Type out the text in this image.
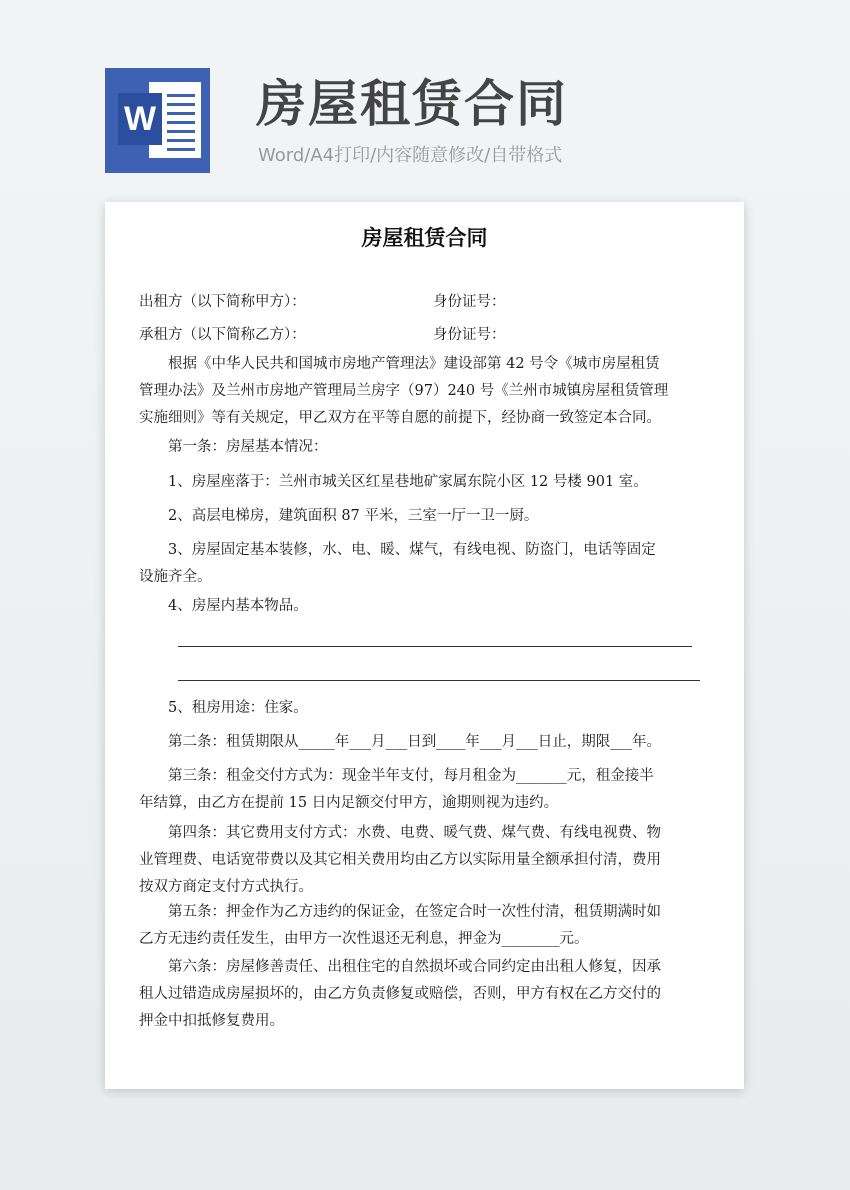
W 房屋租赁合同
Word/A4打印/内容随意修改/自带格式
房屋租赁合同
出租方（以下简称甲方）：	身份证号：
承租方（以下简称乙方）：	身份证号：
　　根据《中华人民共和国城市房地产管理法》建设部第 42 号令《城市房屋租赁
管理办法》及兰州市房地产管理局兰房字（97）240 号《兰州市城镇房屋租赁管理
实施细则》等有关规定，甲乙双方在平等自愿的前提下，经协商一致签定本合同。
　　第一条：房屋基本情况：
　　1、房屋座落于：兰州市城关区红星巷地矿家属东院小区 12 号楼 901 室。
　　2、高层电梯房，建筑面积 87 平米，三室一厅一卫一厨。
　　3、房屋固定基本装修，水、电、暖、煤气，有线电视、防盗门，电话等固定
设施齐全。
　　4、房屋内基本物品。
　　5、租房用途：住家。
　　第二条：租赁期限从_____年___月___日到____年___月___日止，期限___年。
　　第三条：租金交付方式为：现金半年支付，每月租金为_______元，租金接半
年结算，由乙方在提前 15 日内足额交付甲方，逾期则视为违约。
　　第四条：其它费用支付方式：水费、电费、暖气费、煤气费、有线电视费、物
业管理费、电话宽带费以及其它相关费用均由乙方以实际用量全额承担付清，费用
按双方商定支付方式执行。
　　第五条：押金作为乙方违约的保证金，在签定合时一次性付清，租赁期满时如
乙方无违约责任发生，由甲方一次性退还无利息，押金为________元。
　　第六条：房屋修善责任、出租住宅的自然损坏或合同约定由出租人修复，因承
租人过错造成房屋损坏的，由乙方负责修复或赔偿，否则，甲方有权在乙方交付的
押金中扣抵修复费用。
